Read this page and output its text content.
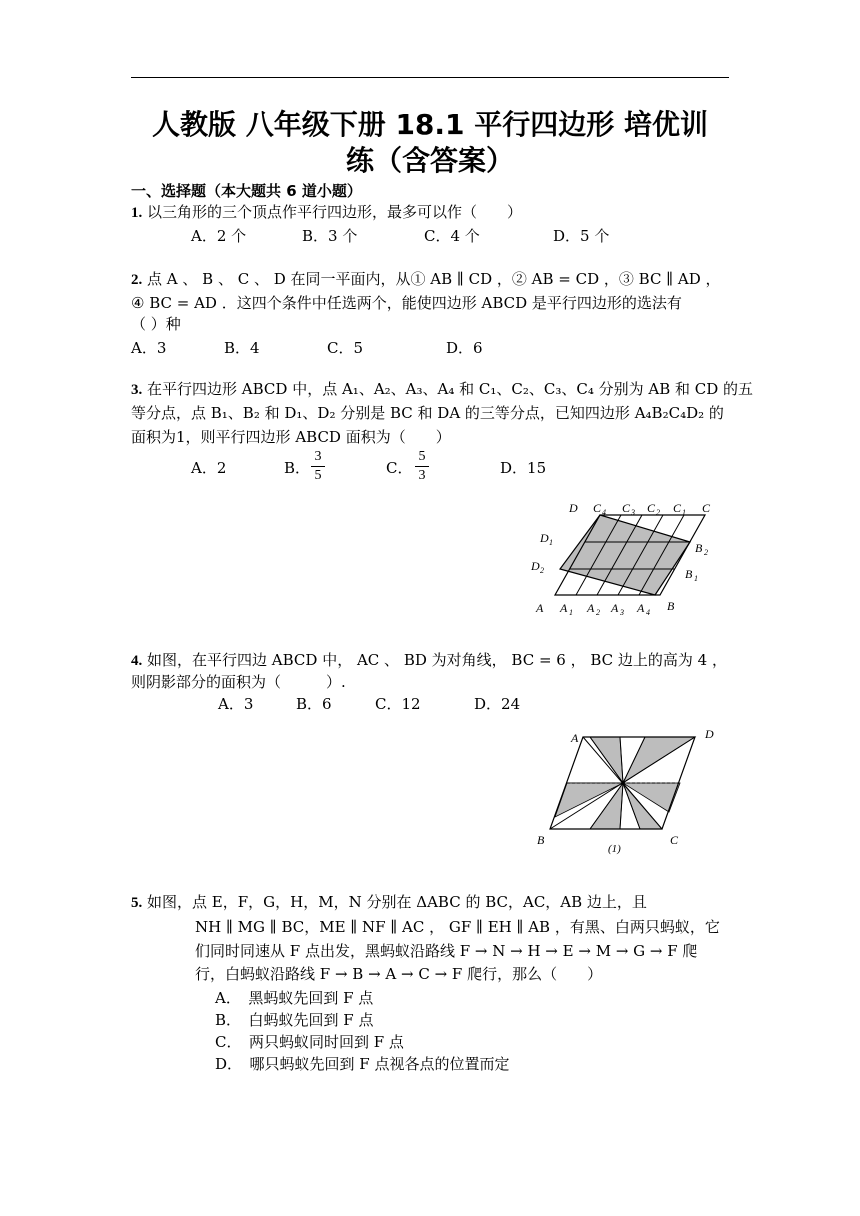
人教版 八年级下册 18.1 平行四边形 培优训
练（含答案）
一、选择题（本大题共 6 道小题）
1. 以三角形的三个顶点作平行四边形，最多可以作（　　）
A．2 个	B．3 个	C．4 个	D．5 个
2. 点 A 、 B 、 C 、 D 在同一平面内，从① AB ∥ CD ，② AB = CD ，③ BC ∥ AD ，
④ BC = AD ．这四个条件中任选两个，能使四边形 ABCD 是平行四边形的选法有
（ ）种
A．3	B．4	C．5	D．6
3. 在平行四边形 ABCD 中，点 A₁、A₂、A₃、A₄ 和 C₁、C₂、C₃、C₄ 分别为 AB 和 CD 的五
等分点，点 B₁、B₂ 和 D₁、D₂ 分别是 BC 和 DA 的三等分点，已知四边形 A₄B₂C₄D₂ 的
面积为1，则平行四边形 ABCD 面积为（　　）
A．2	B．
3
5	C．
5
3	D．15
D C 4 C 3 C 2 C 1 C
D 1
D 2
B 2
B 1
A A 1 A 2 A 3 A 4 B
4. 如图，在平行四边 ABCD 中， AC 、 BD 为对角线， BC = 6 ， BC 边上的高为 4 ，
则阴影部分的面积为（　　　）.
A．3	B．6	C．12	D．24
A	D
B	C
(1)
5. 如图，点 E，F，G，H，M，N 分别在 ΔABC 的 BC，AC，AB 边上，且
NH ∥ MG ∥ BC，ME ∥ NF ∥ AC ， GF ∥ EH ∥ AB ，有黑、白两只蚂蚁，它
们同时同速从 F 点出发，黑蚂蚁沿路线 F → N → H → E → M → G → F 爬
行，白蚂蚁沿路线 F → B → A → C → F 爬行，那么（　　）
A．　黑蚂蚁先回到 F 点
B．　白蚂蚁先回到 F 点
C．　两只蚂蚁同时回到 F 点
D．　哪只蚂蚁先回到 F 点视各点的位置而定
